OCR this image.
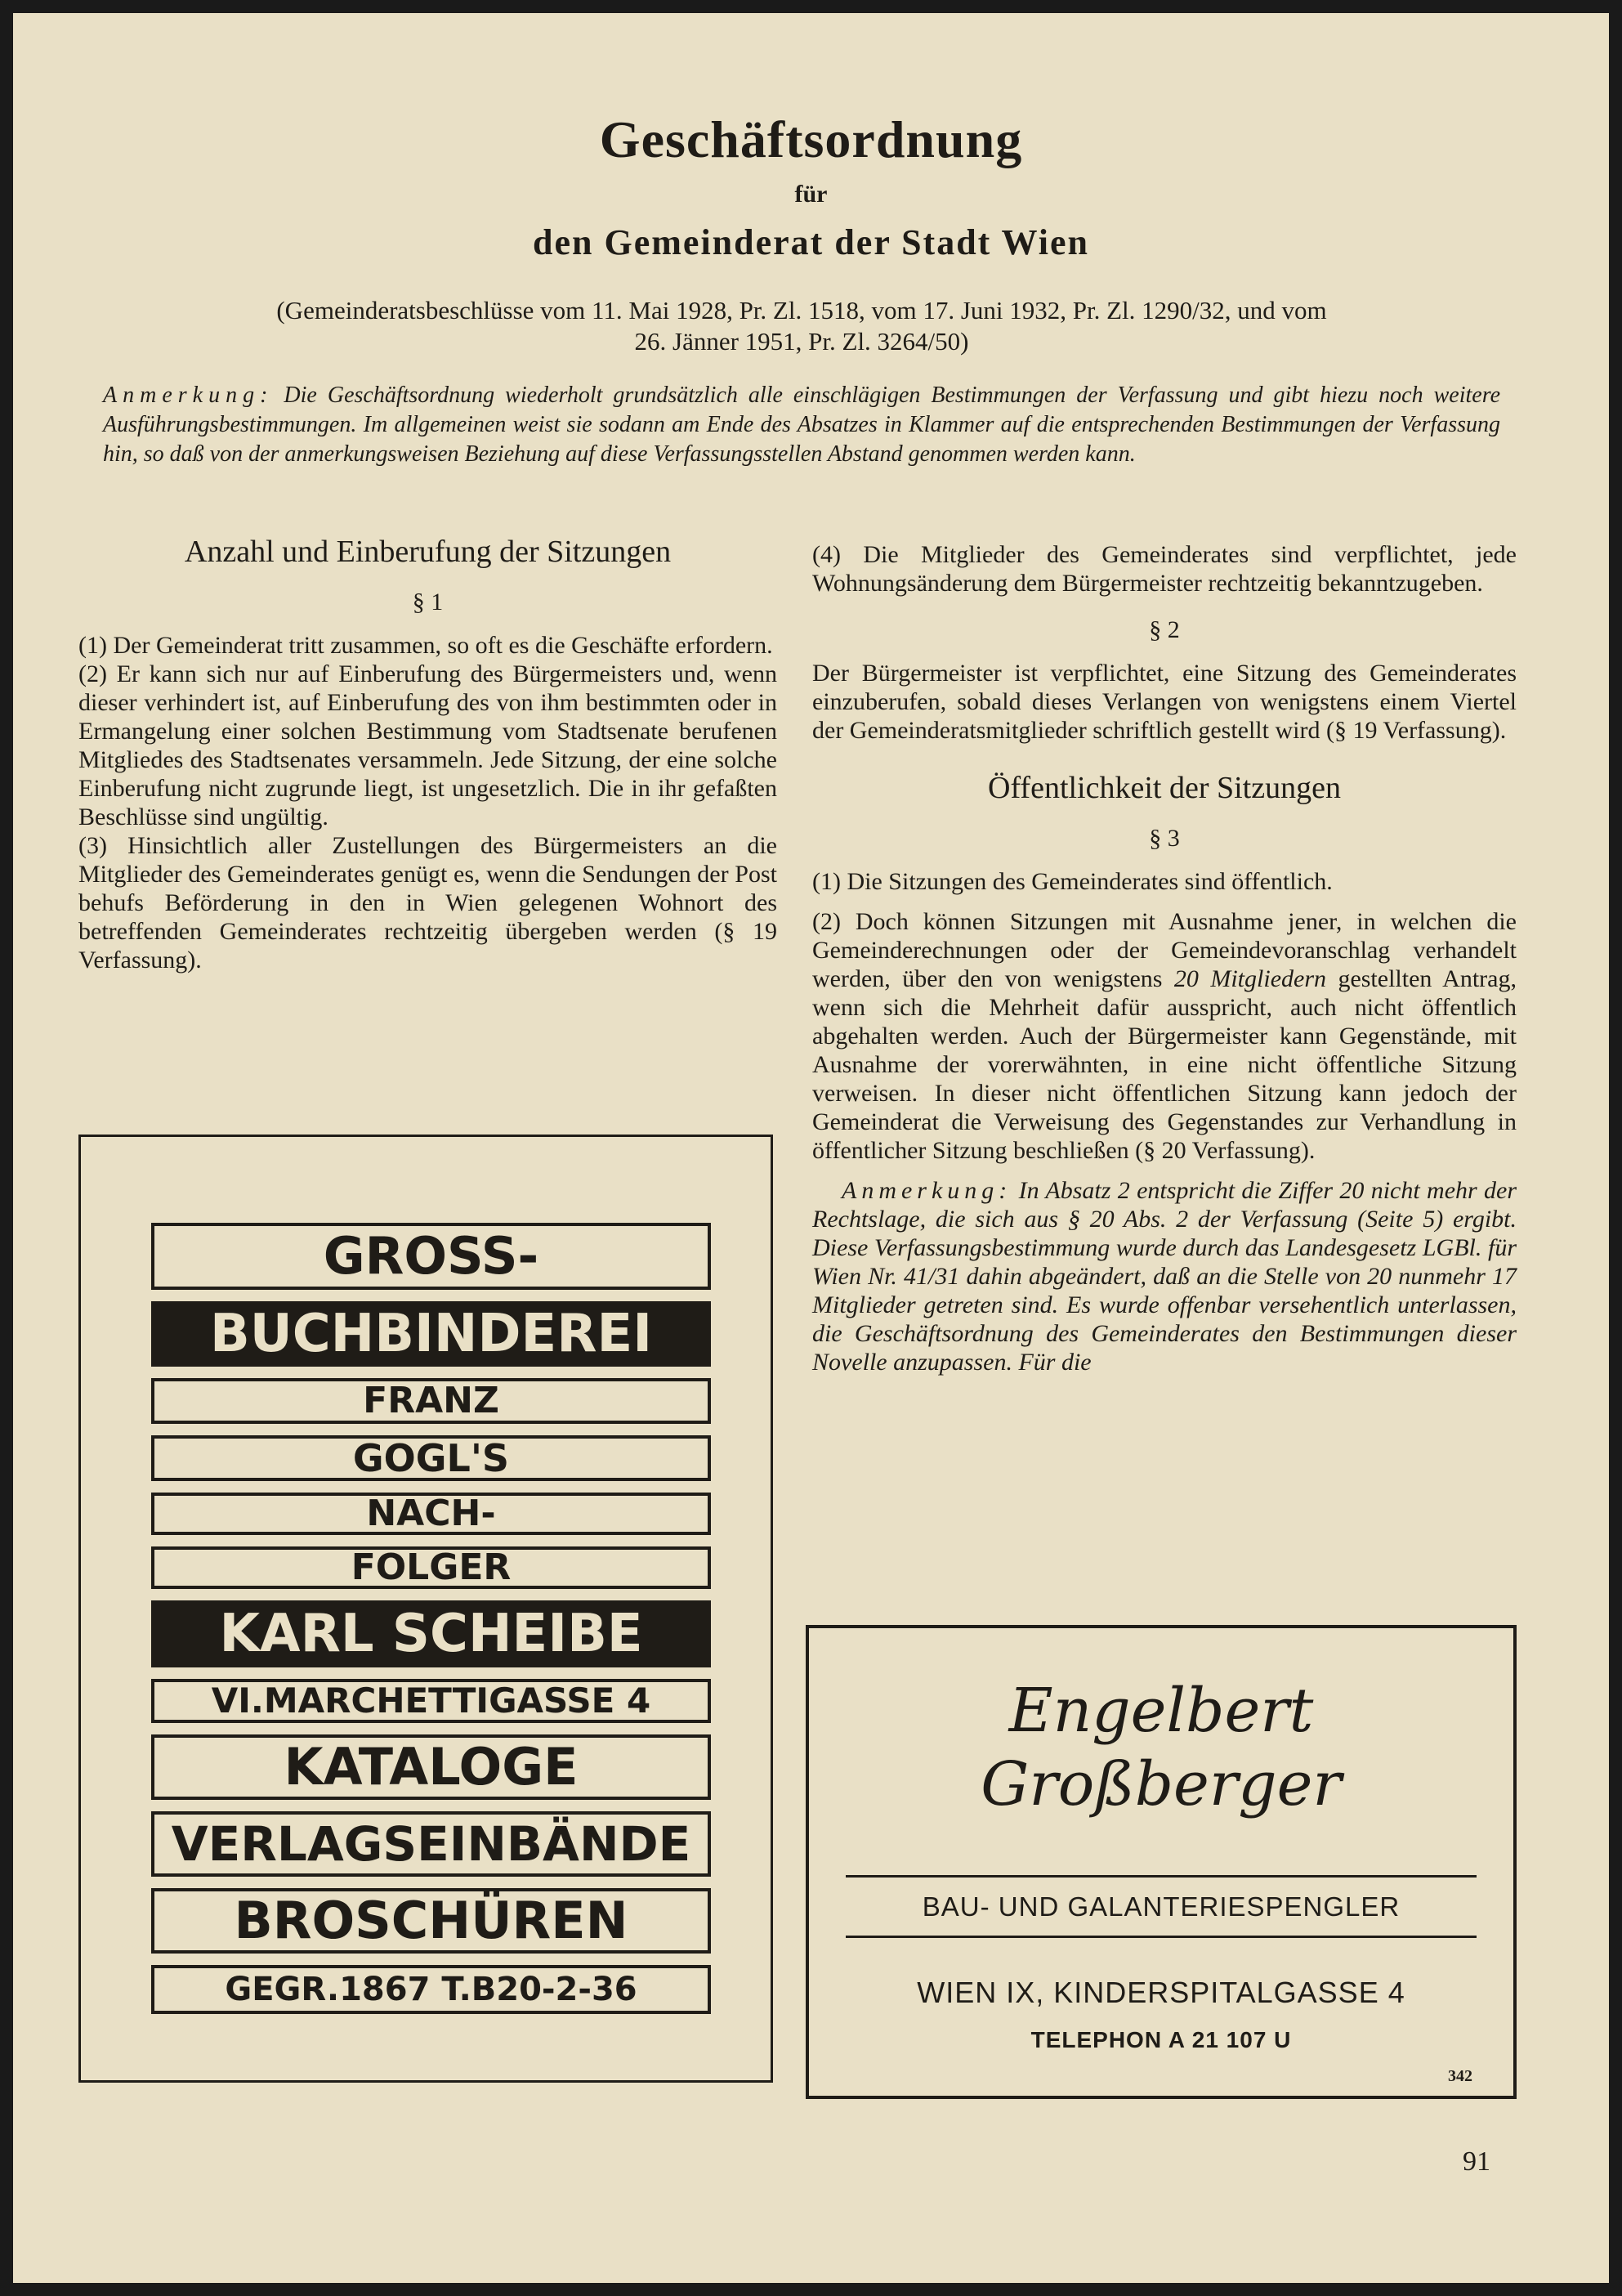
Geschäftsordnung
für
den Gemeinderat der Stadt Wien
(Gemeinderatsbeschlüsse vom 11. Mai 1928, Pr. Zl. 1518, vom 17. Juni 1932, Pr. Zl. 1290/32, und vom
26. Jänner 1951, Pr. Zl. 3264/50)
Anmerkung: Die Geschäftsordnung wiederholt grundsätzlich alle einschlägigen Bestimmungen der Verfassung und gibt hiezu noch weitere Ausführungsbestimmungen. Im allgemeinen weist sie sodann am Ende des Absatzes in Klammer auf die entsprechenden Bestimmungen der Verfassung hin, so daß von der anmerkungsweisen Beziehung auf diese Verfassungsstellen Abstand genommen werden kann.
Anzahl und Einberufung der Sitzungen
§ 1

(1) Der Gemeinderat tritt zusammen, so oft es die Geschäfte erfordern.

(2) Er kann sich nur auf Einberufung des Bürgermeisters und, wenn dieser verhindert ist, auf Einberufung des von ihm bestimmten oder in Ermangelung einer solchen Bestimmung vom Stadtsenate berufenen Mitgliedes des Stadtsenates versammeln. Jede Sitzung, der eine solche Einberufung nicht zugrunde liegt, ist ungesetzlich. Die in ihr gefaßten Beschlüsse sind ungültig.

(3) Hinsichtlich aller Zustellungen des Bürgermeisters an die Mitglieder des Gemeinderates genügt es, wenn die Sendungen der Post behufs Beförderung in den in Wien gelegenen Wohnort des betreffenden Gemeinderates rechtzeitig übergeben werden (§ 19 Verfassung).

(4) Die Mitglieder des Gemeinderates sind verpflichtet, jede Wohnungsänderung dem Bürgermeister rechtzeitig bekanntzugeben.

§ 2

Der Bürgermeister ist verpflichtet, eine Sitzung des Gemeinderates einzuberufen, sobald dieses Verlangen von wenigstens einem Viertel der Gemeinderatsmitglieder schriftlich gestellt wird (§ 19 Verfassung).

Öffentlichkeit der Sitzungen
§ 3

(1) Die Sitzungen des Gemeinderates sind öffentlich.

(2) Doch können Sitzungen mit Ausnahme jener, in welchen die Gemeinderechnungen oder der Gemeindevoranschlag verhandelt werden, über den von wenigstens 20 Mitgliedern gestellten Antrag, wenn sich die Mehrheit dafür ausspricht, auch nicht öffentlich abgehalten werden. Auch der Bürgermeister kann Gegenstände, mit Ausnahme der vorerwähnten, in eine nicht öffentliche Sitzung verweisen. In dieser nicht öffentlichen Sitzung kann jedoch der Gemeinderat die Verweisung des Gegenstandes zur Verhandlung in öffentlicher Sitzung beschließen (§ 20 Verfassung).

Anmerkung: In Absatz 2 entspricht die Ziffer 20 nicht mehr der Rechtslage, die sich aus § 20 Abs. 2 der Verfassung (Seite 5) ergibt. Diese Verfassungsbestimmung wurde durch das Landesgesetz LGBl. für Wien Nr. 41/31 dahin abgeändert, daß an die Stelle von 20 nunmehr 17 Mitglieder getreten sind. Es wurde offenbar versehentlich unterlassen, die Geschäftsordnung des Gemeinderates den Bestimmungen dieser Novelle anzupassen. Für die

GROSS-
BUCHBINDEREI
FRANZ
GOGL'S
NACH-
FOLGER
KARL SCHEIBE
VI.MARCHETTIGASSE 4
KATALOGE
VERLAGSEINBÄNDE
BROSCHÜREN
GEGR.1867 T.B20-2-36
Engelbert
Großberger
BAU- UND GALANTERIESPENGLER
WIEN IX, KINDERSPITALGASSE 4
TELEPHON A 21 107 U
342
91
